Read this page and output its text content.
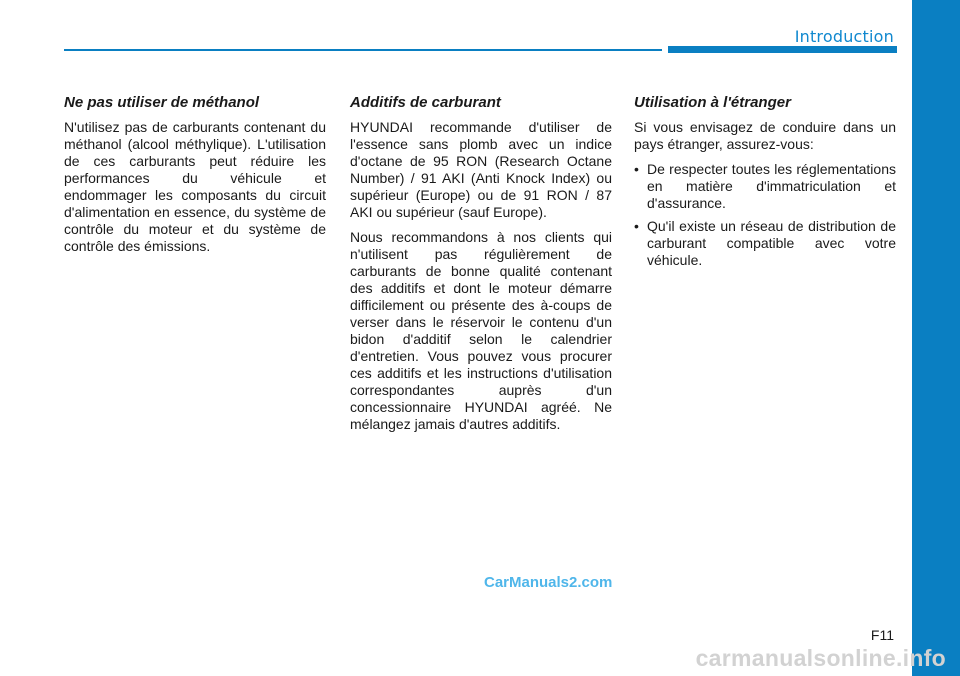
Introduction
Ne pas utiliser de méthanol

N'utilisez pas de carburants contenant du méthanol (alcool méthylique). L'utilisation de ces carburants peut réduire les performances du véhicule et endommager les composants du circuit d'alimentation en essence, du système de contrôle du moteur et du système de contrôle des émissions.

Additifs de carburant

HYUNDAI recommande d'utiliser de l'essence sans plomb avec un indice d'octane de 95 RON (Research Octane Number) / 91 AKI (Anti Knock Index) ou supérieur (Europe) ou de 91 RON / 87 AKI ou supérieur (sauf Europe).

Nous recommandons à nos clients qui n'utilisent pas régulièrement de carburants de bonne qualité contenant des additifs et dont le moteur démarre difficilement ou présente des à-coups de verser dans le réservoir le contenu d'un bidon d'additif selon le calendrier d'entretien. Vous pouvez vous procurer ces additifs et les instructions d'utilisation correspondantes auprès d'un concessionnaire HYUNDAI agréé. Ne mélangez jamais d'autres additifs.

Utilisation à l'étranger

Si vous envisagez de conduire dans un pays étranger, assurez-vous:

• De respecter toutes les réglementations en matière d'immatriculation et d'assurance.
• Qu'il existe un réseau de distribution de carburant compatible avec votre véhicule.
CarManuals2.com
F11
carmanualsonline.info
